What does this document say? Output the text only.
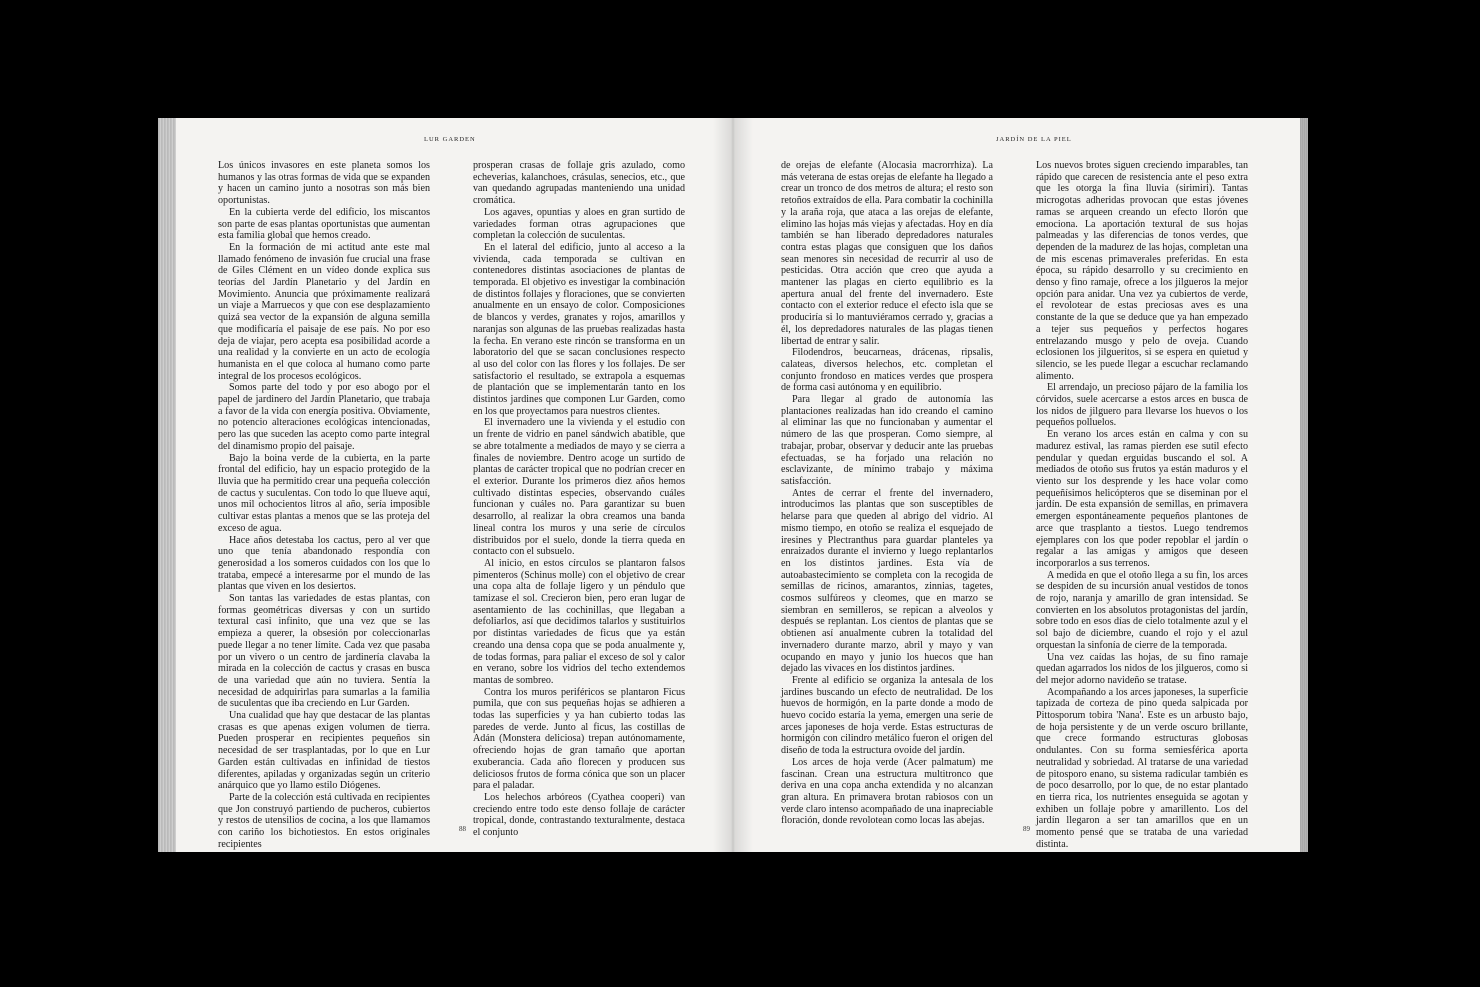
LUR GARDEN

Los únicos invasores en este planeta somos los humanos y las otras formas de vida que se expanden y hacen un camino junto a nosotras son más bien oportunistas.

En la cubierta verde del edificio, los miscantos son parte de esas plantas oportunistas que aumentan esta familia global que hemos creado.

En la formación de mi actitud ante este mal llamado fenómeno de invasión fue crucial una frase de Giles Clément en un vídeo donde explica sus teorías del Jardín Planetario y del Jardín en Movimiento. Anuncia que próximamente realizará un viaje a Marruecos y que con ese desplazamiento quizá sea vector de la expansión de alguna semilla que modificaría el paisaje de ese país. No por eso deja de viajar, pero acepta esa posibilidad acorde a una realidad y la convierte en un acto de ecología humanista en el que coloca al humano como parte integral de los procesos ecológicos.

Somos parte del todo y por eso abogo por el papel de jardinero del Jardín Planetario, que trabaja a favor de la vida con energía positiva. Obviamente, no potencio alteraciones ecológicas intencionadas, pero las que suceden las acepto como parte integral del dinamismo propio del paisaje.

Bajo la boina verde de la cubierta, en la parte frontal del edificio, hay un espacio protegido de la lluvia que ha permitido crear una pequeña colección de cactus y suculentas. Con todo lo que llueve aquí, unos mil ochocientos litros al año, sería imposible cultivar estas plantas a menos que se las proteja del exceso de agua.

Hace años detestaba los cactus, pero al ver que uno que tenía abandonado respondía con generosidad a los someros cuidados con los que lo trataba, empecé a interesarme por el mundo de las plantas que viven en los desiertos.

Son tantas las variedades de estas plantas, con formas geométricas diversas y con un surtido textural casi infinito, que una vez que se las empieza a querer, la obsesión por coleccionarlas puede llegar a no tener límite. Cada vez que pasaba por un vivero o un centro de jardinería clavaba la mirada en la colección de cactus y crasas en busca de una variedad que aún no tuviera. Sentía la necesidad de adquirirlas para sumarlas a la familia de suculentas que iba creciendo en Lur Garden.

Una cualidad que hay que destacar de las plantas crasas es que apenas exigen volumen de tierra. Pueden prosperar en recipientes pequeños sin necesidad de ser trasplantadas, por lo que en Lur Garden están cultivadas en infinidad de tiestos diferentes, apiladas y organizadas según un criterio anárquico que yo llamo estilo Diógenes.

Parte de la colección está cultivada en recipientes que Jon construyó partiendo de pucheros, cubiertos y restos de utensilios de cocina, a los que llamamos con cariño los bichotiestos. En estos originales recipientes

prosperan crasas de follaje gris azulado, como echeverias, kalanchoes, crásulas, senecios, etc., que van quedando agrupadas manteniendo una unidad cromática.

Los agaves, opuntias y aloes en gran surtido de variedades forman otras agrupaciones que completan la colección de suculentas.

En el lateral del edificio, junto al acceso a la vivienda, cada temporada se cultivan en contenedores distintas asociaciones de plantas de temporada. El objetivo es investigar la combinación de distintos follajes y floraciones, que se convierten anualmente en un ensayo de color. Composiciones de blancos y verdes, granates y rojos, amarillos y naranjas son algunas de las pruebas realizadas hasta la fecha. En verano este rincón se transforma en un laboratorio del que se sacan conclusiones respecto al uso del color con las flores y los follajes. De ser satisfactorio el resultado, se extrapola a esquemas de plantación que se implementarán tanto en los distintos jardines que componen Lur Garden, como en los que proyectamos para nuestros clientes.

El invernadero une la vivienda y el estudio con un frente de vidrio en panel sándwich abatible, que se abre totalmente a mediados de mayo y se cierra a finales de noviembre. Dentro acoge un surtido de plantas de carácter tropical que no podrían crecer en el exterior. Durante los primeros diez años hemos cultivado distintas especies, observando cuáles funcionan y cuáles no. Para garantizar su buen desarrollo, al realizar la obra creamos una banda lineal contra los muros y una serie de círculos distribuidos por el suelo, donde la tierra queda en contacto con el subsuelo.

Al inicio, en estos círculos se plantaron falsos pimenteros (Schinus molle) con el objetivo de crear una copa alta de follaje ligero y un péndulo que tamizase el sol. Crecieron bien, pero eran lugar de asentamiento de las cochinillas, que llegaban a defoliarlos, así que decidimos talarlos y sustituirlos por distintas variedades de ficus que ya están creando una densa copa que se poda anualmente y, de todas formas, para paliar el exceso de sol y calor en verano, sobre los vidrios del techo extendemos mantas de sombreo.

Contra los muros periféricos se plantaron Ficus pumila, que con sus pequeñas hojas se adhieren a todas las superficies y ya han cubierto todas las paredes de verde. Junto al ficus, las costillas de Adán (Monstera deliciosa) trepan autónomamente, ofreciendo hojas de gran tamaño que aportan exuberancia. Cada año florecen y producen sus deliciosos frutos de forma cónica que son un placer para el paladar.

Los helechos arbóreos (Cyathea cooperi) van creciendo entre todo este denso follaje de carácter tropical, donde, contrastando texturalmente, destaca el conjunto

88
JARDÍN DE LA PIEL

de orejas de elefante (Alocasia macrorrhiza). La más veterana de estas orejas de elefante ha llegado a crear un tronco de dos metros de altura; el resto son retoños extraídos de ella. Para combatir la cochinilla y la araña roja, que ataca a las orejas de elefante, elimino las hojas más viejas y afectadas. Hoy en día también se han liberado depredadores naturales contra estas plagas que consiguen que los daños sean menores sin necesidad de recurrir al uso de pesticidas. Otra acción que creo que ayuda a mantener las plagas en cierto equilibrio es la apertura anual del frente del invernadero. Este contacto con el exterior reduce el efecto isla que se produciría si lo mantuviéramos cerrado y, gracias a él, los depredadores naturales de las plagas tienen libertad de entrar y salir.

Filodendros, beucarneas, drácenas, ripsalis, calateas, diversos helechos, etc. completan el conjunto frondoso en matices verdes que prospera de forma casi autónoma y en equilibrio.

Para llegar al grado de autonomía las plantaciones realizadas han ido creando el camino al eliminar las que no funcionaban y aumentar el número de las que prosperan. Como siempre, al trabajar, probar, observar y deducir ante las pruebas efectuadas, se ha forjado una relación no esclavizante, de mínimo trabajo y máxima satisfacción.

Antes de cerrar el frente del invernadero, introducimos las plantas que son susceptibles de helarse para que queden al abrigo del vidrio. Al mismo tiempo, en otoño se realiza el esquejado de iresines y Plectranthus para guardar planteles ya enraizados durante el invierno y luego replantarlos en los distintos jardines. Esta vía de autoabastecimiento se completa con la recogida de semillas de ricinos, amarantos, zinnias, tagetes, cosmos sulfúreos y cleomes, que en marzo se siembran en semilleros, se repican a alveolos y después se replantan. Los cientos de plantas que se obtienen así anualmente cubren la totalidad del invernadero durante marzo, abril y mayo y van ocupando en mayo y junio los huecos que han dejado las vivaces en los distintos jardines.

Frente al edificio se organiza la antesala de los jardines buscando un efecto de neutralidad. De los huevos de hormigón, en la parte donde a modo de huevo cocido estaría la yema, emergen una serie de arces japoneses de hoja verde. Estas estructuras de hormigón con cilindro metálico fueron el origen del diseño de toda la estructura ovoide del jardín.

Los arces de hoja verde (Acer palmatum) me fascinan. Crean una estructura multitronco que deriva en una copa ancha extendida y no alcanzan gran altura. En primavera brotan rabiosos con un verde claro intenso acompañado de una inapreciable floración, donde revolotean como locas las abejas.

Los nuevos brotes siguen creciendo imparables, tan rápido que carecen de resistencia ante el peso extra que les otorga la fina lluvia (sirimiri). Tantas microgotas adheridas provocan que estas jóvenes ramas se arqueen creando un efecto llorón que emociona. La aportación textural de sus hojas palmeadas y las diferencias de tonos verdes, que dependen de la madurez de las hojas, completan una de mis escenas primaverales preferidas. En esta época, su rápido desarrollo y su crecimiento en denso y fino ramaje, ofrece a los jilgueros la mejor opción para anidar. Una vez ya cubiertos de verde, el revolotear de estas preciosas aves es una constante de la que se deduce que ya han empezado a tejer sus pequeños y perfectos hogares entrelazando musgo y pelo de oveja. Cuando eclosionen los jilgueritos, si se espera en quietud y silencio, se les puede llegar a escuchar reclamando alimento.

El arrendajo, un precioso pájaro de la familia los córvidos, suele acercarse a estos arces en busca de los nidos de jilguero para llevarse los huevos o los pequeños polluelos.

En verano los arces están en calma y con su madurez estival, las ramas pierden ese sutil efecto pendular y quedan erguidas buscando el sol. A mediados de otoño sus frutos ya están maduros y el viento sur los desprende y les hace volar como pequeñísimos helicópteros que se diseminan por el jardín. De esta expansión de semillas, en primavera emergen espontáneamente pequeños plantones de arce que trasplanto a tiestos. Luego tendremos ejemplares con los que poder repoblar el jardín o regalar a las amigas y amigos que deseen incorporarlos a sus terrenos.

A medida en que el otoño llega a su fin, los arces se despiden de su incursión anual vestidos de tonos de rojo, naranja y amarillo de gran intensidad. Se convierten en los absolutos protagonistas del jardín, sobre todo en esos días de cielo totalmente azul y el sol bajo de diciembre, cuando el rojo y el azul orquestan la sinfonía de cierre de la temporada.

Una vez caídas las hojas, de su fino ramaje quedan agarrados los nidos de los jilgueros, como si del mejor adorno navideño se tratase.

Acompañando a los arces japoneses, la superficie tapizada de corteza de pino queda salpicada por Pittosporum tobira 'Nana'. Este es un arbusto bajo, de hoja persistente y de un verde oscuro brillante, que crece formando estructuras globosas ondulantes. Con su forma semiesférica aporta neutralidad y sobriedad. Al tratarse de una variedad de pitosporo enano, su sistema radicular también es de poco desarrollo, por lo que, de no estar plantado en tierra rica, los nutrientes enseguida se agotan y exhiben un follaje pobre y amarillento. Los del jardín llegaron a ser tan amarillos que en un momento pensé que se trataba de una variedad distinta.

89
